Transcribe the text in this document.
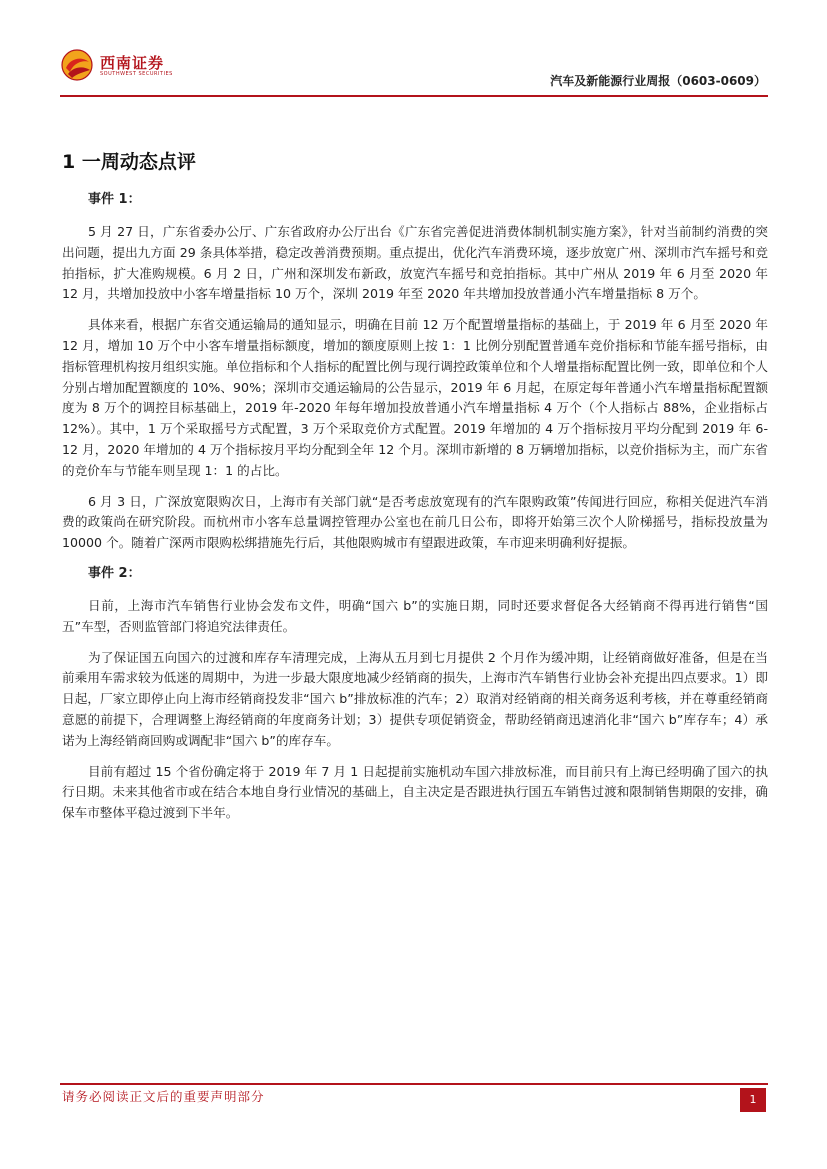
西南证券
SOUTHWEST SECURITIES	汽车及新能源行业周报（0603-0609）
1 一周动态点评
事件 1：

5 月 27 日，广东省委办公厅、广东省政府办公厅出台《广东省完善促进消费体制机制实施方案》，针对当前制约消费的突出问题，提出九方面 29 条具体举措，稳定改善消费预期。重点提出，优化汽车消费环境，逐步放宽广州、深圳市汽车摇号和竞拍指标，扩大准购规模。6 月 2 日，广州和深圳发布新政，放宽汽车摇号和竞拍指标。其中广州从 2019 年 6 月至 2020 年 12 月，共增加投放中小客车增量指标 10 万个，深圳 2019 年至 2020 年共增加投放普通小汽车增量指标 8 万个。

具体来看，根据广东省交通运输局的通知显示，明确在目前 12 万个配置增量指标的基础上，于 2019 年 6 月至 2020 年 12 月，增加 10 万个中小客车增量指标额度，增加的额度原则上按 1：1 比例分别配置普通车竞价指标和节能车摇号指标，由指标管理机构按月组织实施。单位指标和个人指标的配置比例与现行调控政策单位和个人增量指标配置比例一致，即单位和个人分别占增加配置额度的 10%、90%；深圳市交通运输局的公告显示，2019 年 6 月起，在原定每年普通小汽车增量指标配置额度为 8 万个的调控目标基础上，2019 年-2020 年每年增加投放普通小汽车增量指标 4 万个（个人指标占 88%，企业指标占 12%）。其中，1 万个采取摇号方式配置，3 万个采取竞价方式配置。2019 年增加的 4 万个指标按月平均分配到 2019 年 6-12 月，2020 年增加的 4 万个指标按月平均分配到全年 12 个月。深圳市新增的 8 万辆增加指标，以竞价指标为主，而广东省的竞价车与节能车则呈现 1：1 的占比。

6 月 3 日，广深放宽限购次日，上海市有关部门就“是否考虑放宽现有的汽车限购政策”传闻进行回应，称相关促进汽车消费的政策尚在研究阶段。而杭州市小客车总量调控管理办公室也在前几日公布，即将开始第三次个人阶梯摇号，指标投放量为 10000 个。随着广深两市限购松绑措施先行后，其他限购城市有望跟进政策，车市迎来明确利好提振。

事件 2：

日前，上海市汽车销售行业协会发布文件，明确“国六 b”的实施日期，同时还要求督促各大经销商不得再进行销售“国五”车型，否则监管部门将追究法律责任。

为了保证国五向国六的过渡和库存车清理完成，上海从五月到七月提供 2 个月作为缓冲期，让经销商做好准备，但是在当前乘用车需求较为低迷的周期中，为进一步最大限度地减少经销商的损失，上海市汽车销售行业协会补充提出四点要求。1）即日起，厂家立即停止向上海市经销商投发非“国六 b”排放标准的汽车；2）取消对经销商的相关商务返利考核，并在尊重经销商意愿的前提下，合理调整上海经销商的年度商务计划；3）提供专项促销资金，帮助经销商迅速消化非“国六 b”库存车；4）承诺为上海经销商回购或调配非“国六 b”的库存车。

目前有超过 15 个省份确定将于 2019 年 7 月 1 日起提前实施机动车国六排放标准，而目前只有上海已经明确了国六的执行日期。未来其他省市或在结合本地自身行业情况的基础上，自主决定是否跟进执行国五车销售过渡和限制销售期限的安排，确保车市整体平稳过渡到下半年。

请务必阅读正文后的重要声明部分	1
